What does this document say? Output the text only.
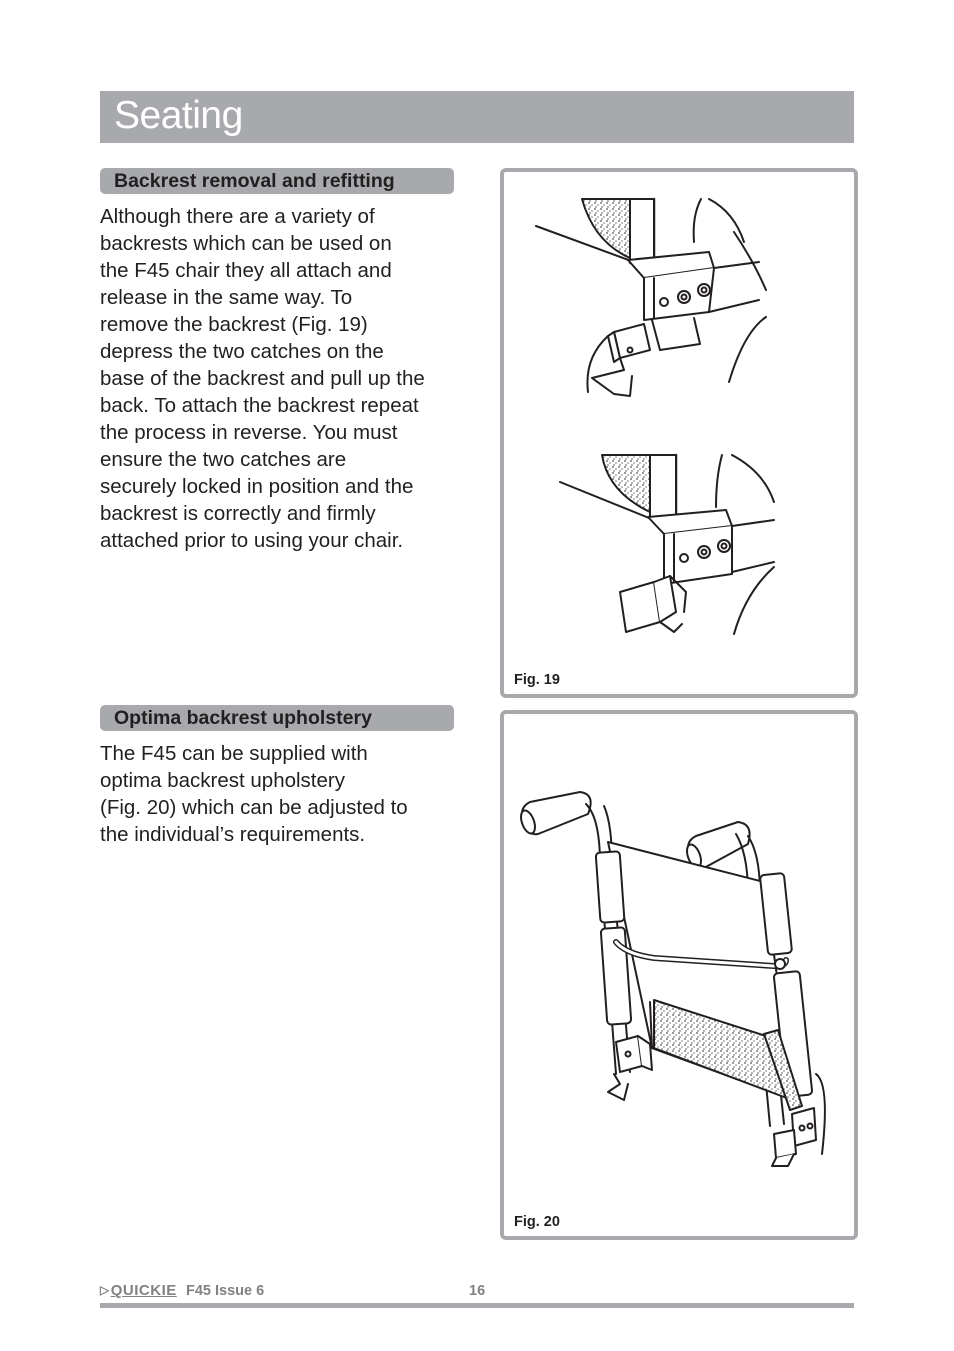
Seating
Backrest removal and refitting
Although there are a variety of
backrests which can be used on
the F45 chair they all attach and
release in the same way. To
remove the backrest (Fig. 19)
depress the two catches on the
base of the backrest and pull up the
back. To attach the backrest repeat
the process in reverse. You must
ensure the two catches are
securely locked in position and the
backrest is correctly and firmly
attached prior to using your chair.
Optima backrest upholstery
The F45 can be supplied with
optima backrest upholstery
(Fig. 20) which can be adjusted to
the individual’s requirements.
Fig. 19
Fig. 20
▷QUICKIE F45 Issue 6	16
